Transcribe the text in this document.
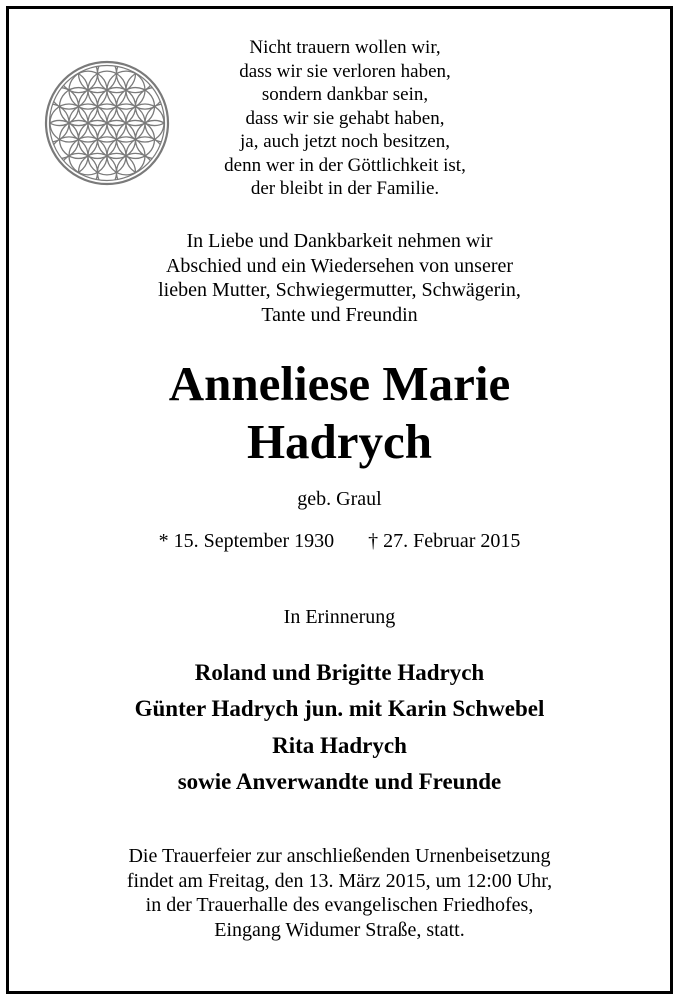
Nicht trauern wollen wir,
dass wir sie verloren haben,
sondern dankbar sein,
dass wir sie gehabt haben,
ja, auch jetzt noch besitzen,
denn wer in der Göttlichkeit ist,
der bleibt in der Familie.
In Liebe und Dankbarkeit nehmen wir
Abschied und ein Wiedersehen von unserer
lieben Mutter, Schwiegermutter, Schwägerin,
Tante und Freundin
Anneliese Marie
Hadrych
geb. Graul
* 15. September 1930 † 27. Februar 2015
In Erinnerung
Roland und Brigitte Hadrych
Günter Hadrych jun. mit Karin Schwebel
Rita Hadrych
sowie Anverwandte und Freunde
Die Trauerfeier zur anschließenden Urnenbeisetzung
findet am Freitag, den 13. März 2015, um 12:00 Uhr,
in der Trauerhalle des evangelischen Friedhofes,
Eingang Widumer Straße, statt.
